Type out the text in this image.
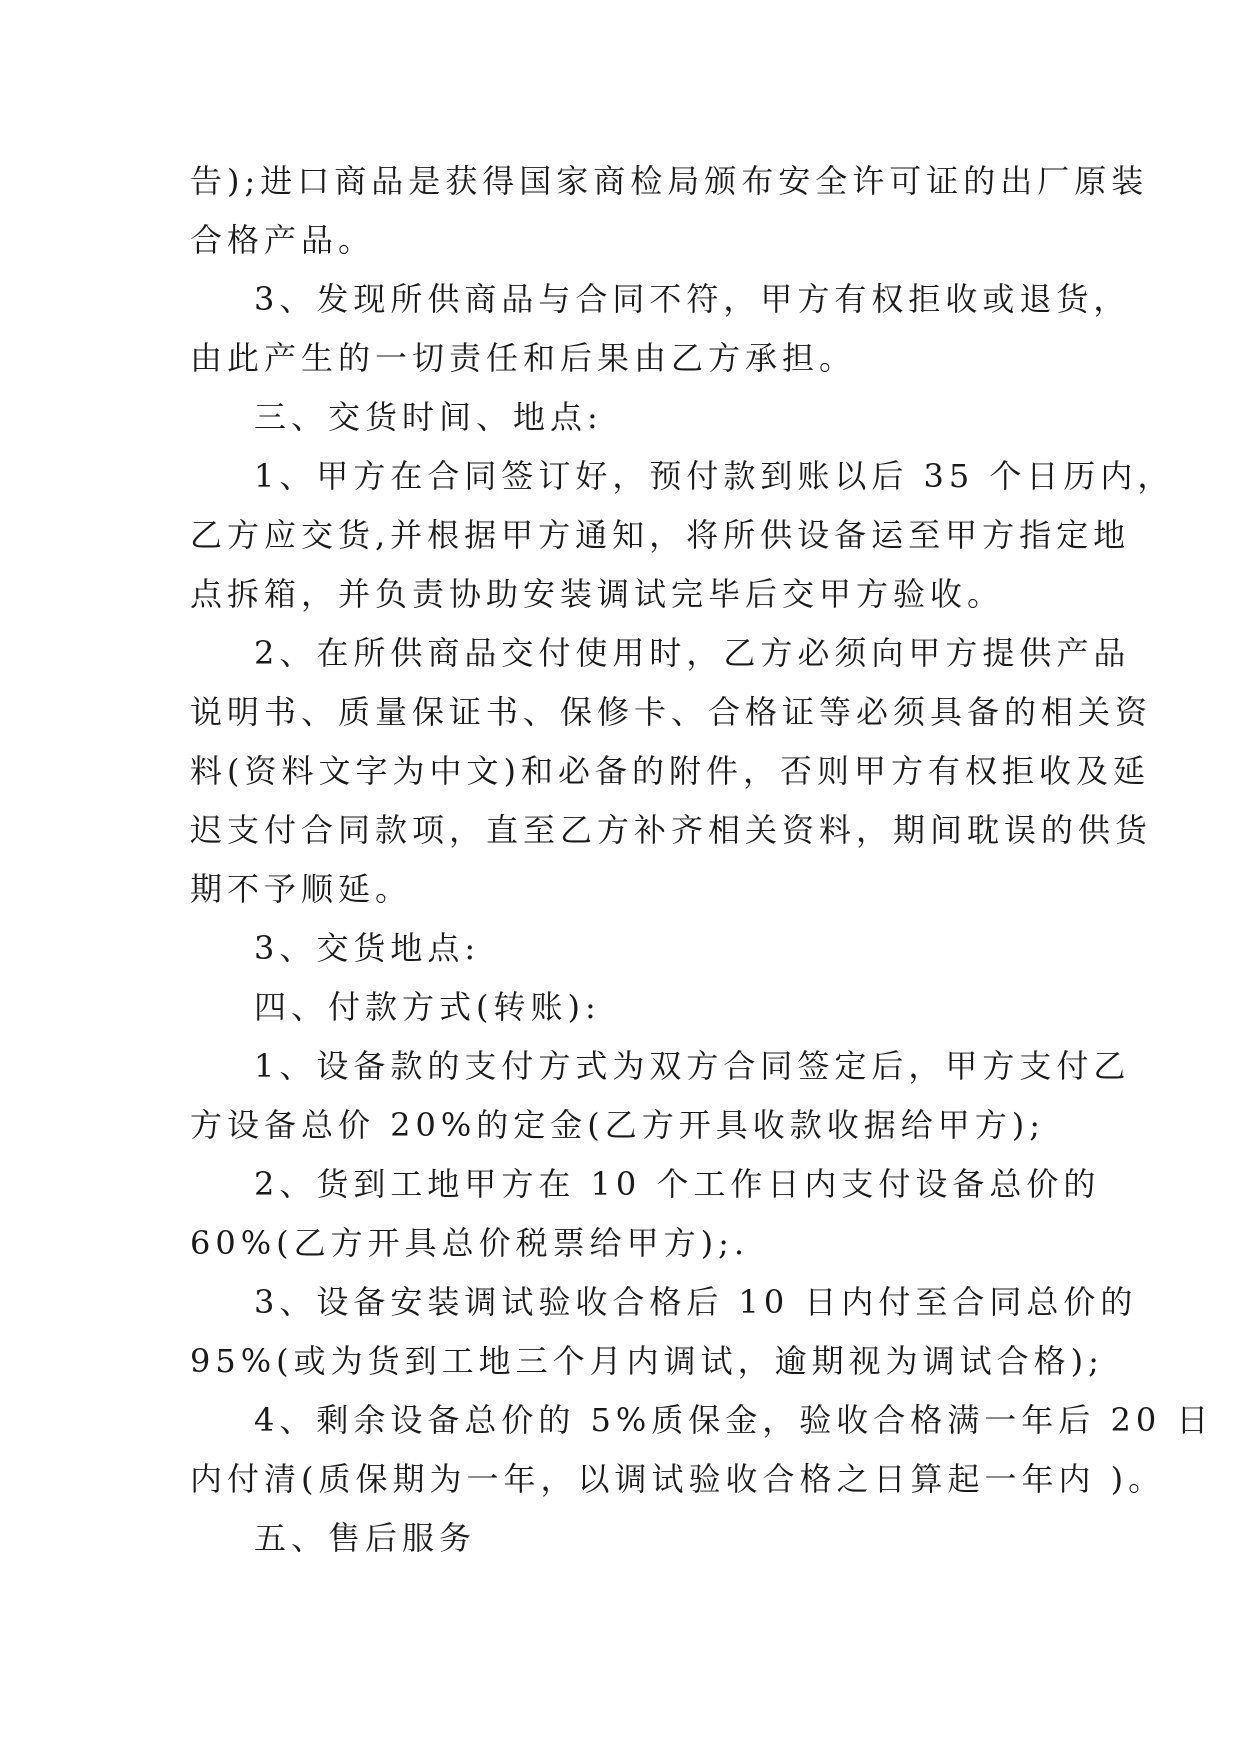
告);进口商品是获得国家商检局颁布安全许可证的出厂原装
合格产品。
3、发现所供商品与合同不符，甲方有权拒收或退货，
由此产生的一切责任和后果由乙方承担。
三、交货时间、地点:
1、甲方在合同签订好，预付款到账以后 35 个日历内，
乙方应交货,并根据甲方通知，将所供设备运至甲方指定地
点拆箱，并负责协助安装调试完毕后交甲方验收。
2、在所供商品交付使用时，乙方必须向甲方提供产品
说明书、质量保证书、保修卡、合格证等必须具备的相关资
料(资料文字为中文)和必备的附件，否则甲方有权拒收及延
迟支付合同款项，直至乙方补齐相关资料，期间耽误的供货
期不予顺延。
3、交货地点:
四、付款方式(转账):
1、设备款的支付方式为双方合同签定后，甲方支付乙
方设备总价 20%的定金(乙方开具收款收据给甲方);
2、货到工地甲方在 10 个工作日内支付设备总价的
60%(乙方开具总价税票给甲方);.
3、设备安装调试验收合格后 10 日内付至合同总价的
95%(或为货到工地三个月内调试，逾期视为调试合格);
4、剩余设备总价的 5%质保金，验收合格满一年后 20 日
内付清(质保期为一年，以调试验收合格之日算起一年内 )。
五、售后服务
